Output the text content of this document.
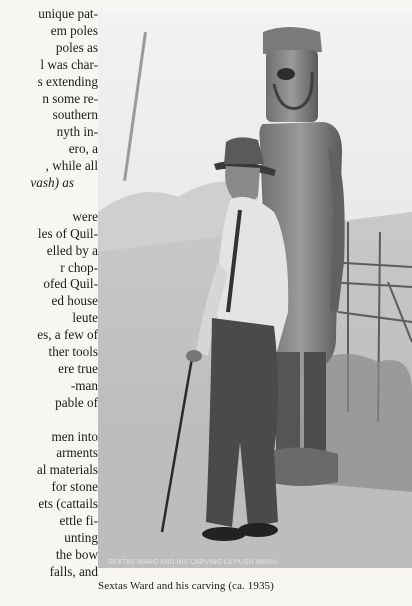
unique pat-
em poles
poles as
l was char-
s extending
n some re-
southern
nyth in-
ero, a
, while all
vash) as
were
les of Quil-
elled by a
r chop-
ofed Quil-
ed house
leute
es, a few of
ther tools
ere true
-man
pable of
men into
arments
al materials
for stone
ets (cattails
ettle fi-
unting
the bow
falls, and
SEXTAS WARD AND HIS CARVING LA PUSH WASH.
Sextas Ward and his carving (ca. 1935)
